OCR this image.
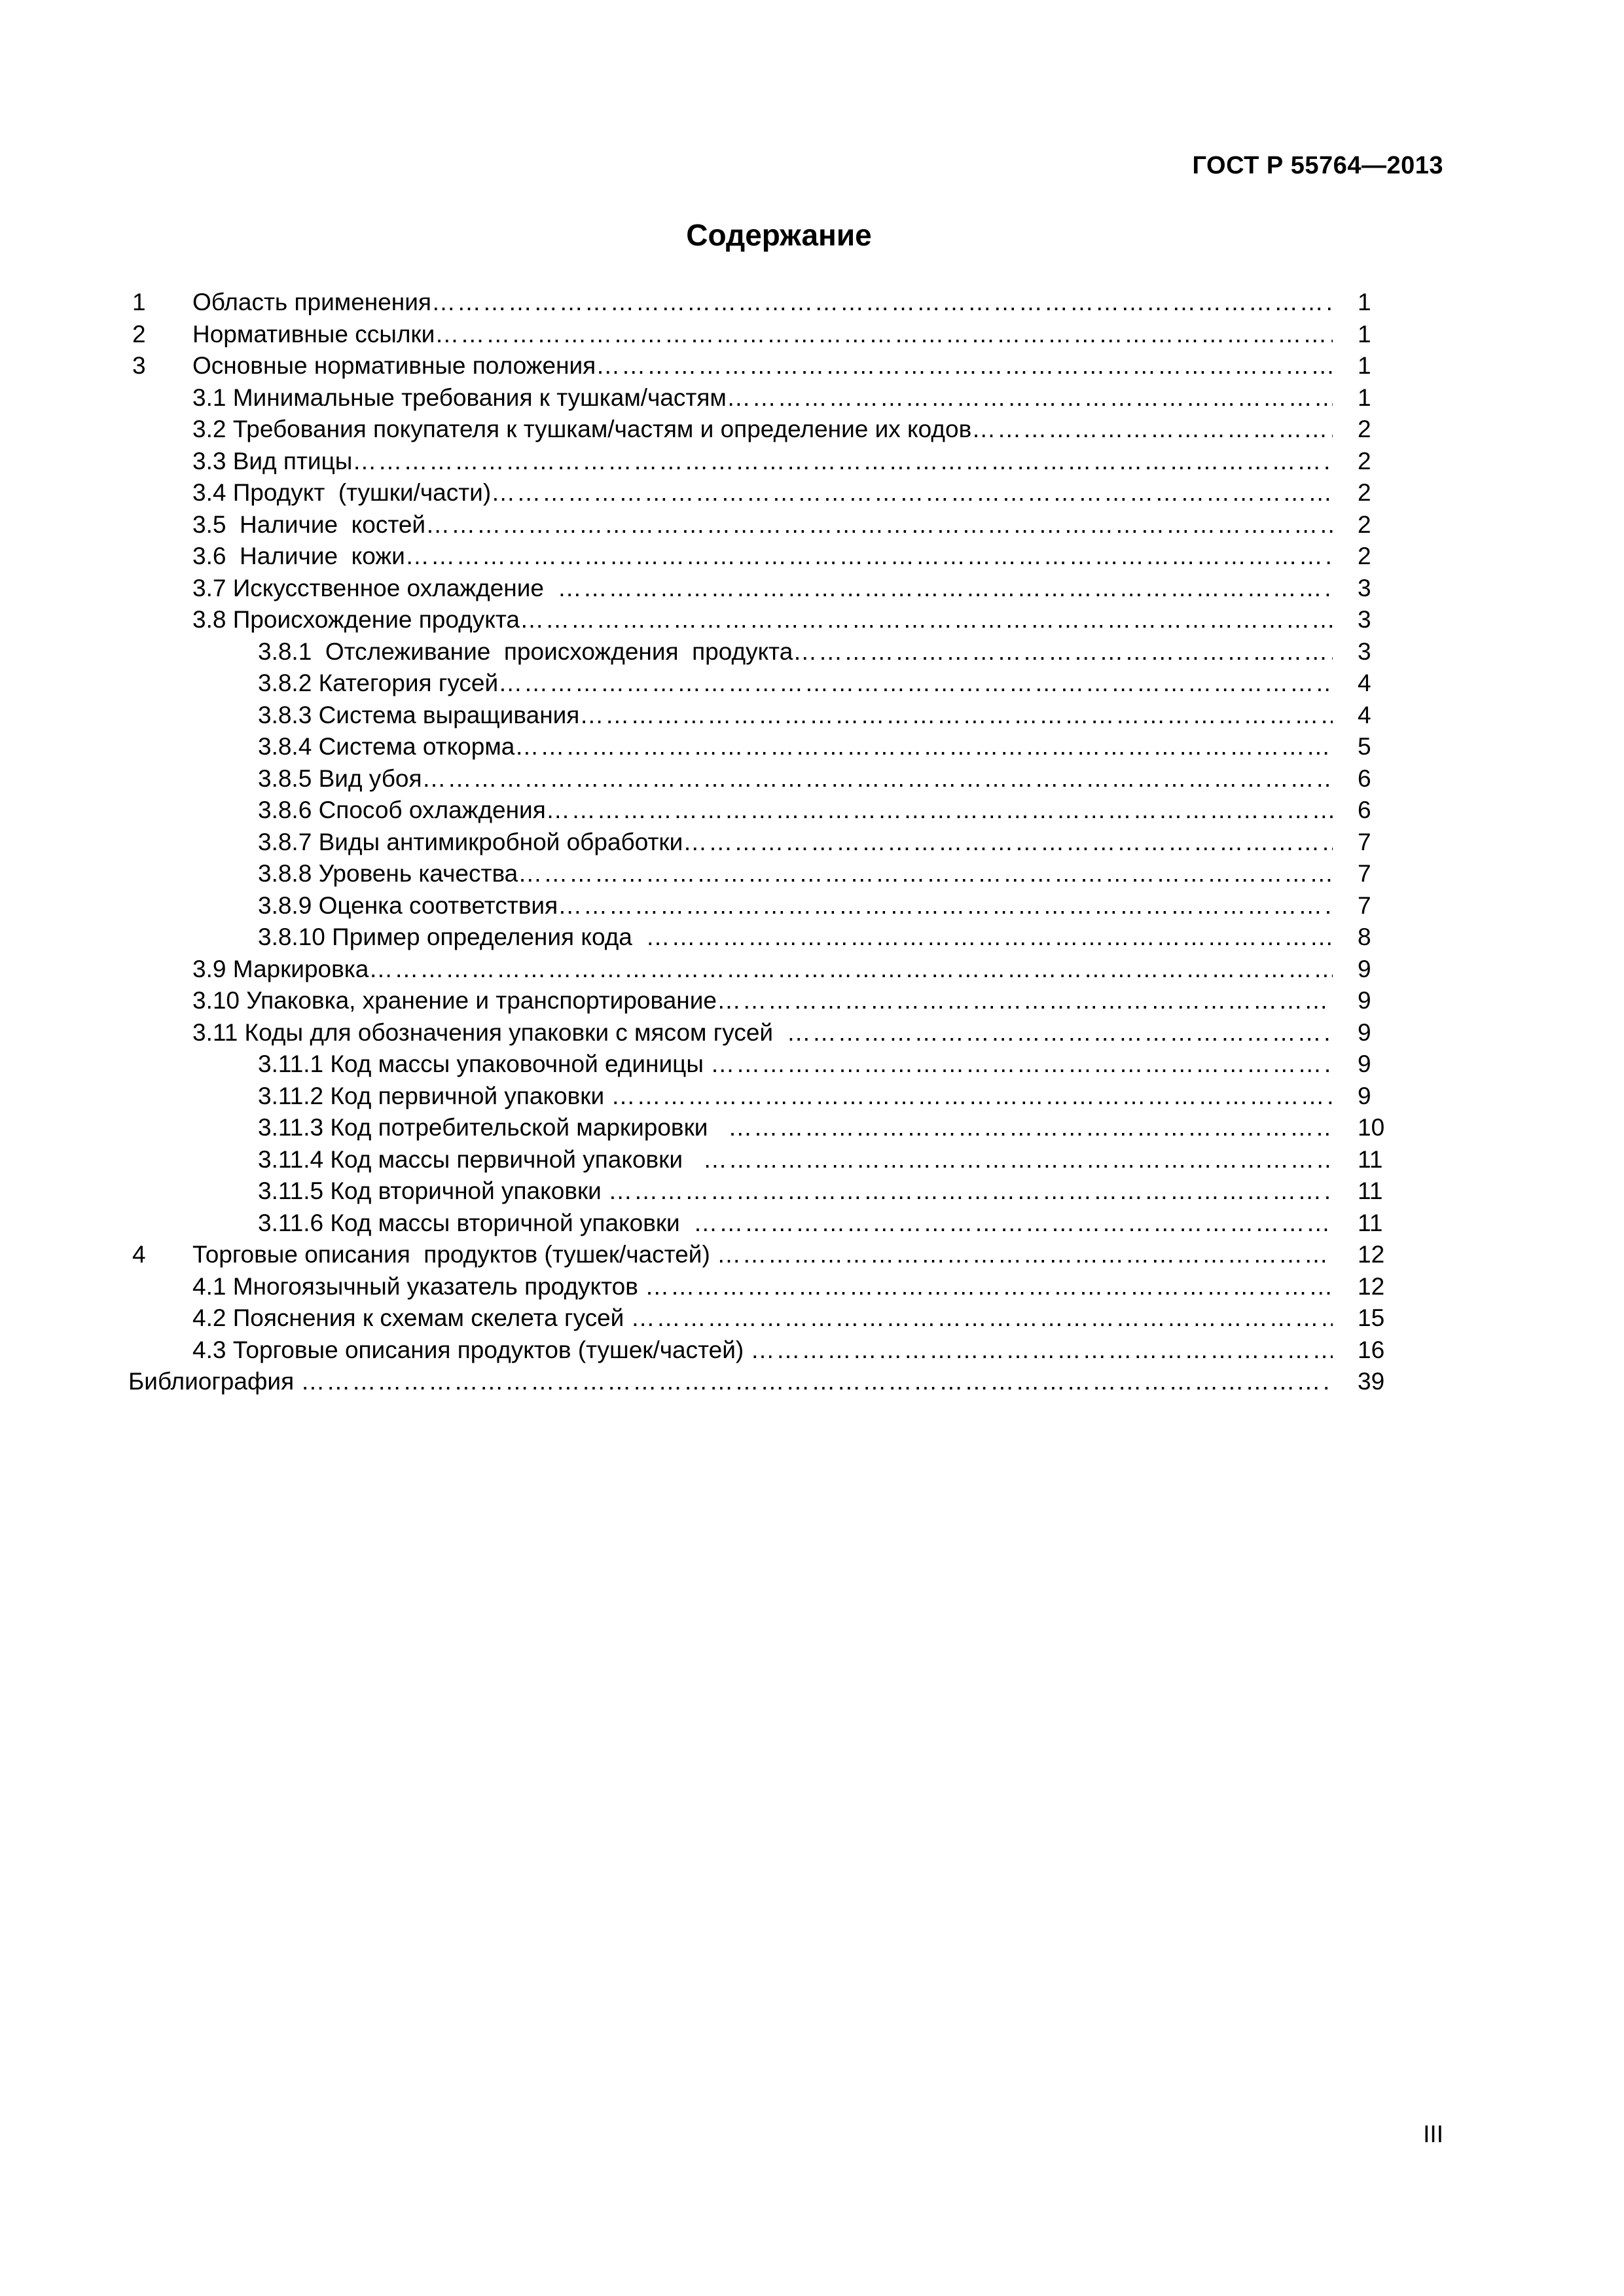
ГОСТ Р 55764—2013
Содержание
1 Область применения …………………………………………………………………………………………………………………………………………………………………………………………………………………………………………………………………………………	1
2 Нормативные ссылки …………………………………………………………………………………………………………………………………………………………………………………………………………………………………………………………………………………	1
3 Основные нормативные положения …………………………………………………………………………………………………………………………………………………………………………………………………………………………………………………………………………………	1
3.1 Минимальные требования к тушкам/частям …………………………………………………………………………………………………………………………………………………………………………………………………………………………………………………………………………………	1
3.2 Требования покупателя к тушкам/частям и определение их кодов …………………………………………………………………………………………………………………………………………………………………………………………………………………………………………………………………………………	2
3.3 Вид птицы …………………………………………………………………………………………………………………………………………………………………………………………………………………………………………………………………………………	2
3.4 Продукт  (тушки/части) …………………………………………………………………………………………………………………………………………………………………………………………………………………………………………………………………………………	2
3.5  Наличие  костей …………………………………………………………………………………………………………………………………………………………………………………………………………………………………………………………………………………	2
3.6  Наличие  кожи …………………………………………………………………………………………………………………………………………………………………………………………………………………………………………………………………………………	2
3.7 Искусственное охлаждение …………………………………………………………………………………………………………………………………………………………………………………………………………………………………………………………………………………	3
3.8 Происхождение продукта …………………………………………………………………………………………………………………………………………………………………………………………………………………………………………………………………………………	3
3.8.1  Отслеживание  происхождения  продукта …………………………………………………………………………………………………………………………………………………………………………………………………………………………………………………………………………………	3
3.8.2 Категория гусей …………………………………………………………………………………………………………………………………………………………………………………………………………………………………………………………………………………	4
3.8.3 Система выращивания …………………………………………………………………………………………………………………………………………………………………………………………………………………………………………………………………………………	4
3.8.4 Система откорма …………………………………………………………………………………………………………………………………………………………………………………………………………………………………………………………………………………	5
3.8.5 Вид убоя …………………………………………………………………………………………………………………………………………………………………………………………………………………………………………………………………………………	6
3.8.6 Способ охлаждения …………………………………………………………………………………………………………………………………………………………………………………………………………………………………………………………………………………	6
3.8.7 Виды антимикробной обработки …………………………………………………………………………………………………………………………………………………………………………………………………………………………………………………………………………………	7
3.8.8 Уровень качества …………………………………………………………………………………………………………………………………………………………………………………………………………………………………………………………………………………	7
3.8.9 Оценка соответствия …………………………………………………………………………………………………………………………………………………………………………………………………………………………………………………………………………………	7
3.8.10 Пример определения кода …………………………………………………………………………………………………………………………………………………………………………………………………………………………………………………………………………………	8
3.9 Маркировка …………………………………………………………………………………………………………………………………………………………………………………………………………………………………………………………………………………	9
3.10 Упаковка, хранение и транспортирование …………………………………………………………………………………………………………………………………………………………………………………………………………………………………………………………………………………	9
3.11 Коды для обозначения упаковки с мясом гусей …………………………………………………………………………………………………………………………………………………………………………………………………………………………………………………………………………………	9
3.11.1 Код массы упаковочной единицы …………………………………………………………………………………………………………………………………………………………………………………………………………………………………………………………………………………	9
3.11.2 Код первичной упаковки …………………………………………………………………………………………………………………………………………………………………………………………………………………………………………………………………………………	9
3.11.3 Код потребительской маркировки …………………………………………………………………………………………………………………………………………………………………………………………………………………………………………………………………………………	10
3.11.4 Код массы первичной упаковки …………………………………………………………………………………………………………………………………………………………………………………………………………………………………………………………………………………	11
3.11.5 Код вторичной упаковки …………………………………………………………………………………………………………………………………………………………………………………………………………………………………………………………………………………	11
3.11.6 Код массы вторичной упаковки …………………………………………………………………………………………………………………………………………………………………………………………………………………………………………………………………………………	11
4 Торговые описания  продуктов (тушек/частей) …………………………………………………………………………………………………………………………………………………………………………………………………………………………………………………………………………………	12
4.1 Многоязычный указатель продуктов …………………………………………………………………………………………………………………………………………………………………………………………………………………………………………………………………………………	12
4.2 Пояснения к схемам скелета гусей …………………………………………………………………………………………………………………………………………………………………………………………………………………………………………………………………………………	15
4.3 Торговые описания продуктов (тушек/частей) …………………………………………………………………………………………………………………………………………………………………………………………………………………………………………………………………………………	16
Библиография …………………………………………………………………………………………………………………………………………………………………………………………………………………………………………………………………………………	39
III
